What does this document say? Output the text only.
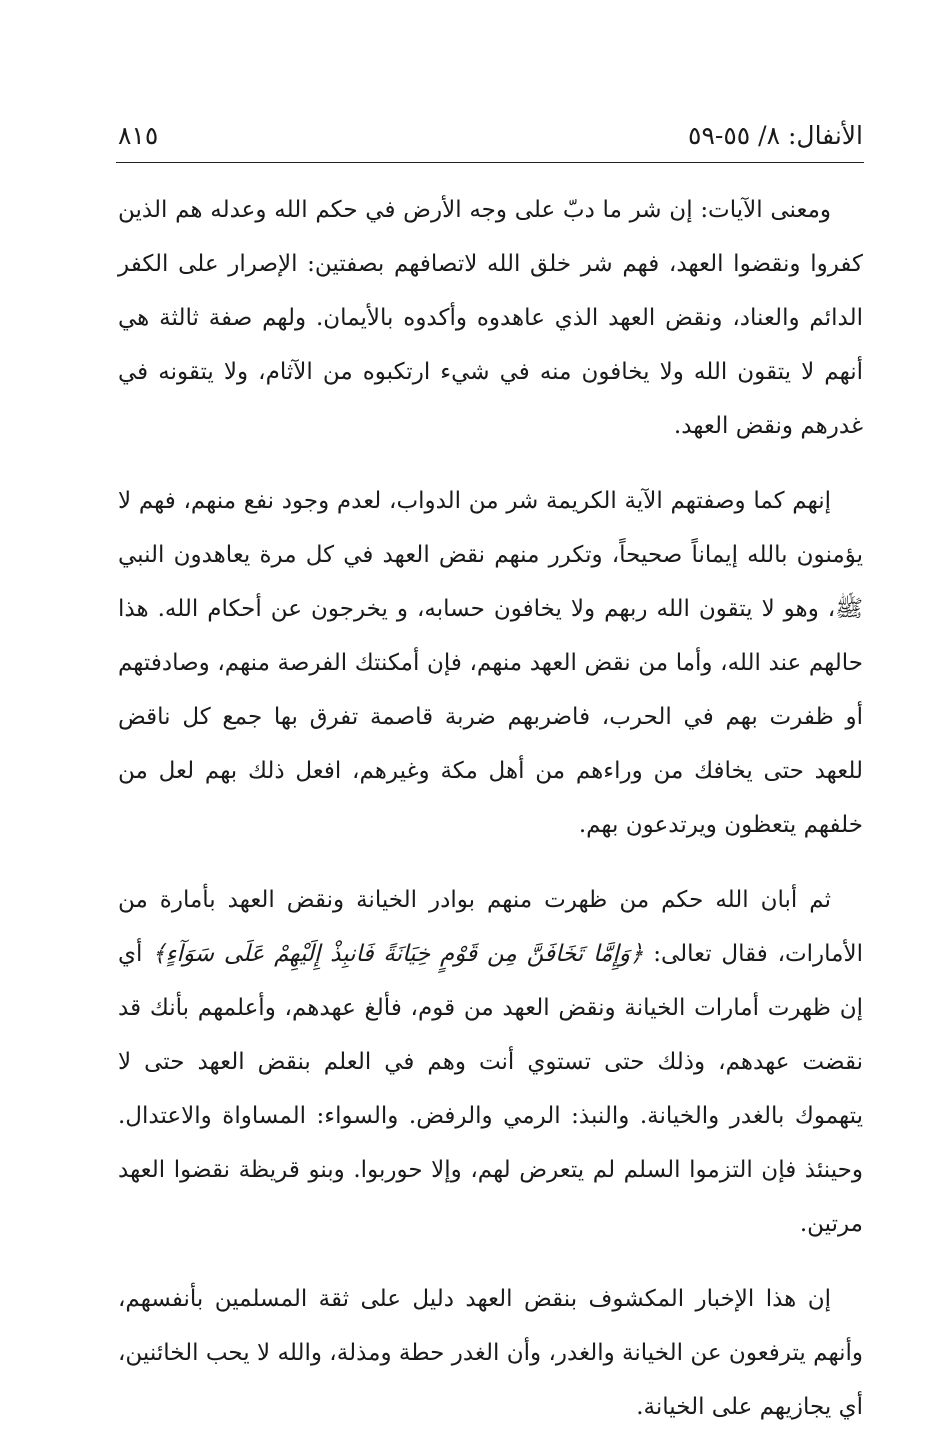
الأنفال: ٨/ ٥٥-٥٩
٨١٥

ومعنى الآيات: إن شر ما دبّ على وجه الأرض في حكم الله وعدله هم الذين كفروا ونقضوا العهد، فهم شر خلق الله لاتصافهم بصفتين: الإصرار على الكفر الدائم والعناد، ونقض العهد الذي عاهدوه وأكدوه بالأيمان. ولهم صفة ثالثة هي أنهم لا يتقون الله ولا يخافون منه في شيء ارتكبوه من الآثام، ولا يتقونه في غدرهم ونقض العهد.

إنهم كما وصفتهم الآية الكريمة شر من الدواب، لعدم وجود نفع منهم، فهم لا يؤمنون بالله إيماناً صحيحاً، وتكرر منهم نقض العهد في كل مرة يعاهدون النبي ﷺ، وهو لا يتقون الله ربهم ولا يخافون حسابه، و يخرجون عن أحكام الله. هذا حالهم عند الله، وأما من نقض العهد منهم، فإن أمكنتك الفرصة منهم، وصادفتهم أو ظفرت بهم في الحرب، فاضربهم ضربة قاصمة تفرق بها جمع كل ناقض للعهد حتى يخافك من وراءهم من أهل مكة وغيرهم، افعل ذلك بهم لعل من خلفهم يتعظون ويرتدعون بهم.

ثم أبان الله حكم من ظهرت منهم بوادر الخيانة ونقض العهد بأمارة من الأمارات، فقال تعالى: ﴿وَإِمَّا تَخَافَنَّ مِن قَوْمٍ خِيَانَةً فَانبِذْ إِلَيْهِمْ عَلَى سَوَآءٍ﴾ أي إن ظهرت أمارات الخيانة ونقض العهد من قوم، فألغ عهدهم، وأعلمهم بأنك قد نقضت عهدهم، وذلك حتى تستوي أنت وهم في العلم بنقض العهد حتى لا يتهموك بالغدر والخيانة. والنبذ: الرمي والرفض. والسواء: المساواة والاعتدال. وحينئذ فإن التزموا السلم لم يتعرض لهم، وإلا حوربوا. وبنو قريظة نقضوا العهد مرتين.

إن هذا الإخبار المكشوف بنقض العهد دليل على ثقة المسلمين بأنفسهم، وأنهم يترفعون عن الخيانة والغدر، وأن الغدر حطة ومذلة، والله لا يحب الخائنين، أي يجازيهم على الخيانة.
